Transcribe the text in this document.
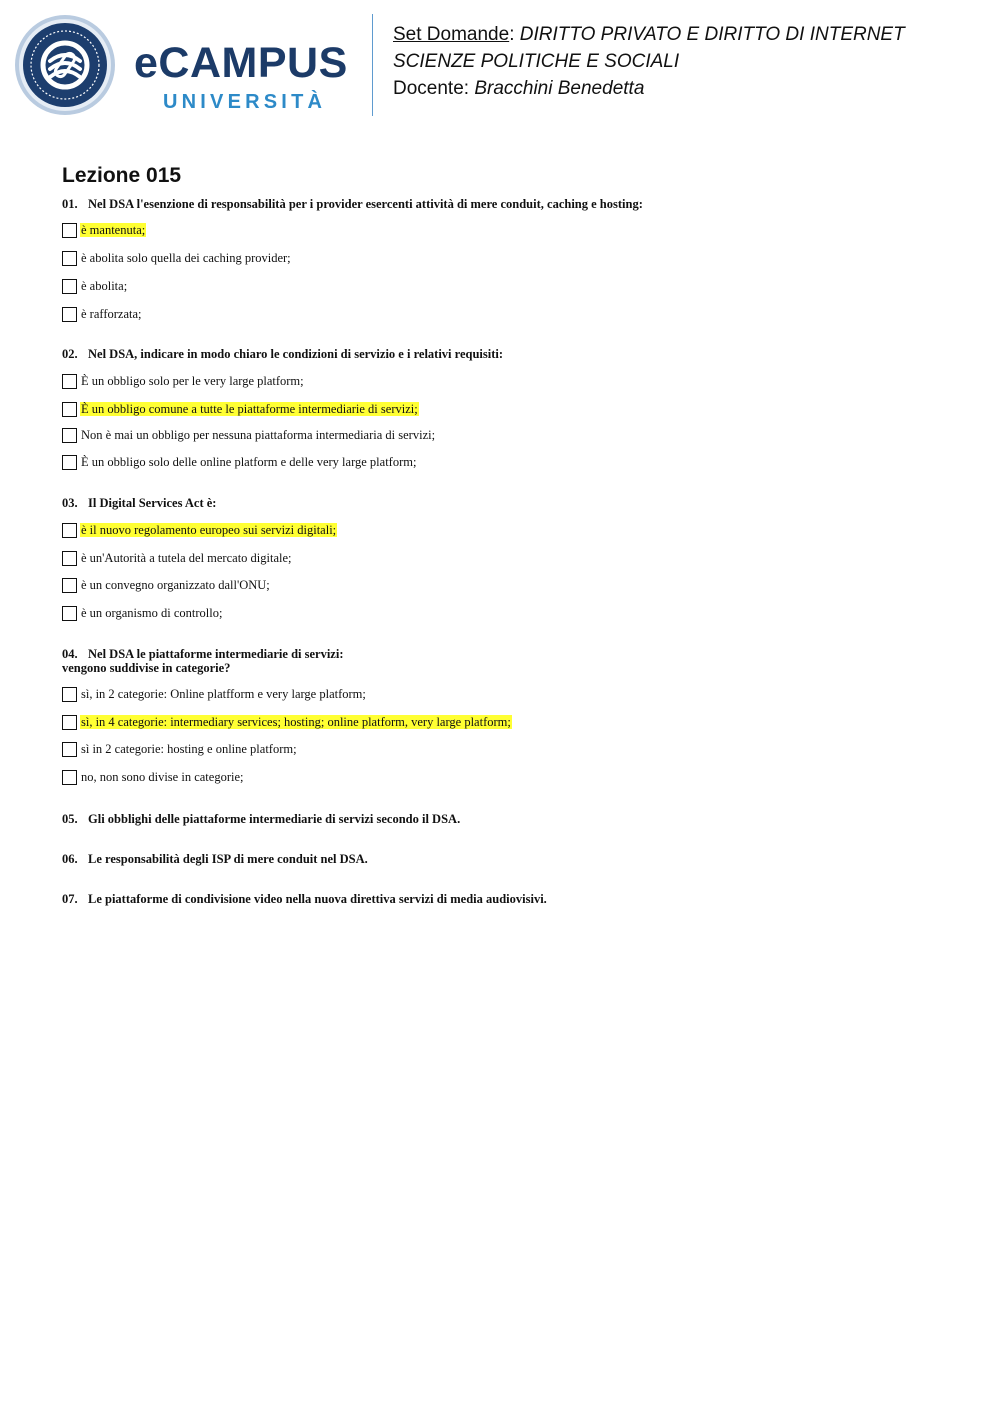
eCAMPUS
UNIVERSITÀ
Set Domande: DIRITTO PRIVATO E DIRITTO DI INTERNET
SCIENZE POLITICHE E SOCIALI
Docente: Bracchini Benedetta
Lezione 015
01. Nel DSA l'esenzione di responsabilità per i provider esercenti attività di mere conduit, caching e hosting:
è mantenuta;
è abolita solo quella dei caching provider;
è abolita;
è rafforzata;
02. Nel DSA, indicare in modo chiaro le condizioni di servizio e i relativi requisiti:
È un obbligo solo per le very large platform;
È un obbligo comune a tutte le piattaforme intermediarie di servizi;
Non è mai un obbligo per nessuna piattaforma intermediaria di servizi;
È un obbligo solo delle online platform e delle very large platform;
03. Il Digital Services Act è:
è il nuovo regolamento europeo sui servizi digitali;
è un'Autorità a tutela del mercato digitale;
è un convegno organizzato dall'ONU;
è un organismo di controllo;
04. Nel DSA le piattaforme intermediarie di servizi:
vengono suddivise in categorie?
sì, in 2 categorie: Online platfform e very large platform;
sì, in 4 categorie: intermediary services; hosting; online platform, very large platform;
sì in 2 categorie: hosting e online platform;
no, non sono divise in categorie;
05. Gli obblighi delle piattaforme intermediarie di servizi secondo il DSA.
06. Le responsabilità degli ISP di mere conduit nel DSA.
07. Le piattaforme di condivisione video nella nuova direttiva servizi di media audiovisivi.
